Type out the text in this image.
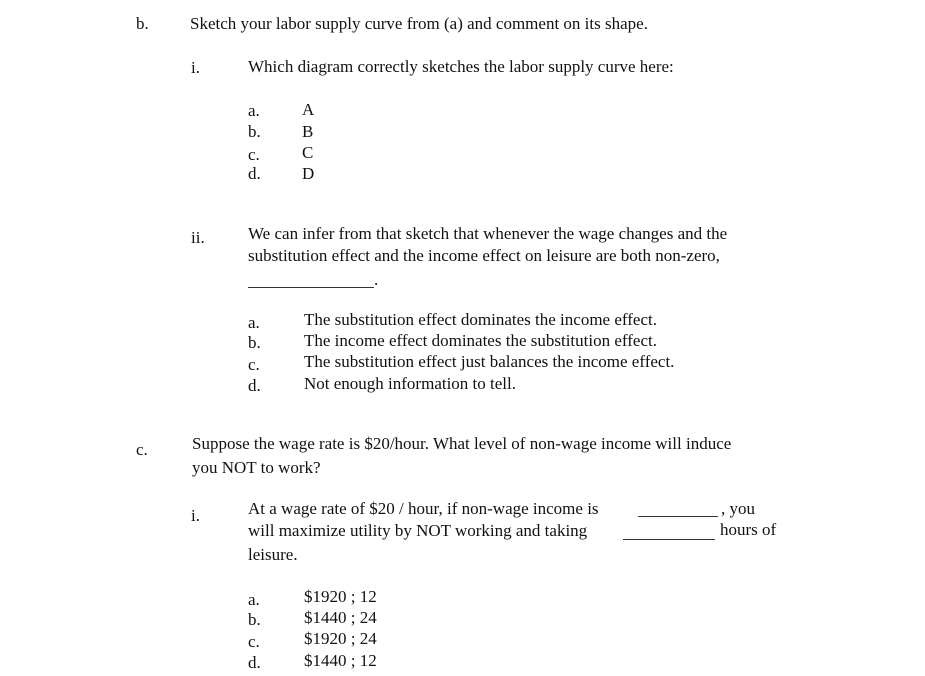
b. Sketch your labor supply curve from (a) and comment on its shape.
i.	Which diagram correctly sketches the labor supply curve here:
a. A
b. B
c. C
d. D
ii.	We can infer from that sketch that whenever the wage changes and the
substitution effect and the income effect on leisure are both non-zero,
.
a.	The substitution effect dominates the income effect.
b.	The income effect dominates the substitution effect.
c.	The substitution effect just balances the income effect.
d.	Not enough information to tell.
c.	Suppose the wage rate is $20/hour. What level of non-wage income will induce
you NOT to work?
i.	At a wage rate of $20 / hour, if non-wage income is	, you
will maximize utility by NOT working and taking	hours of
leisure.
a.	$1920 ; 12
b.	$1440 ; 24
c.	$1920 ; 24
d.	$1440 ; 12
